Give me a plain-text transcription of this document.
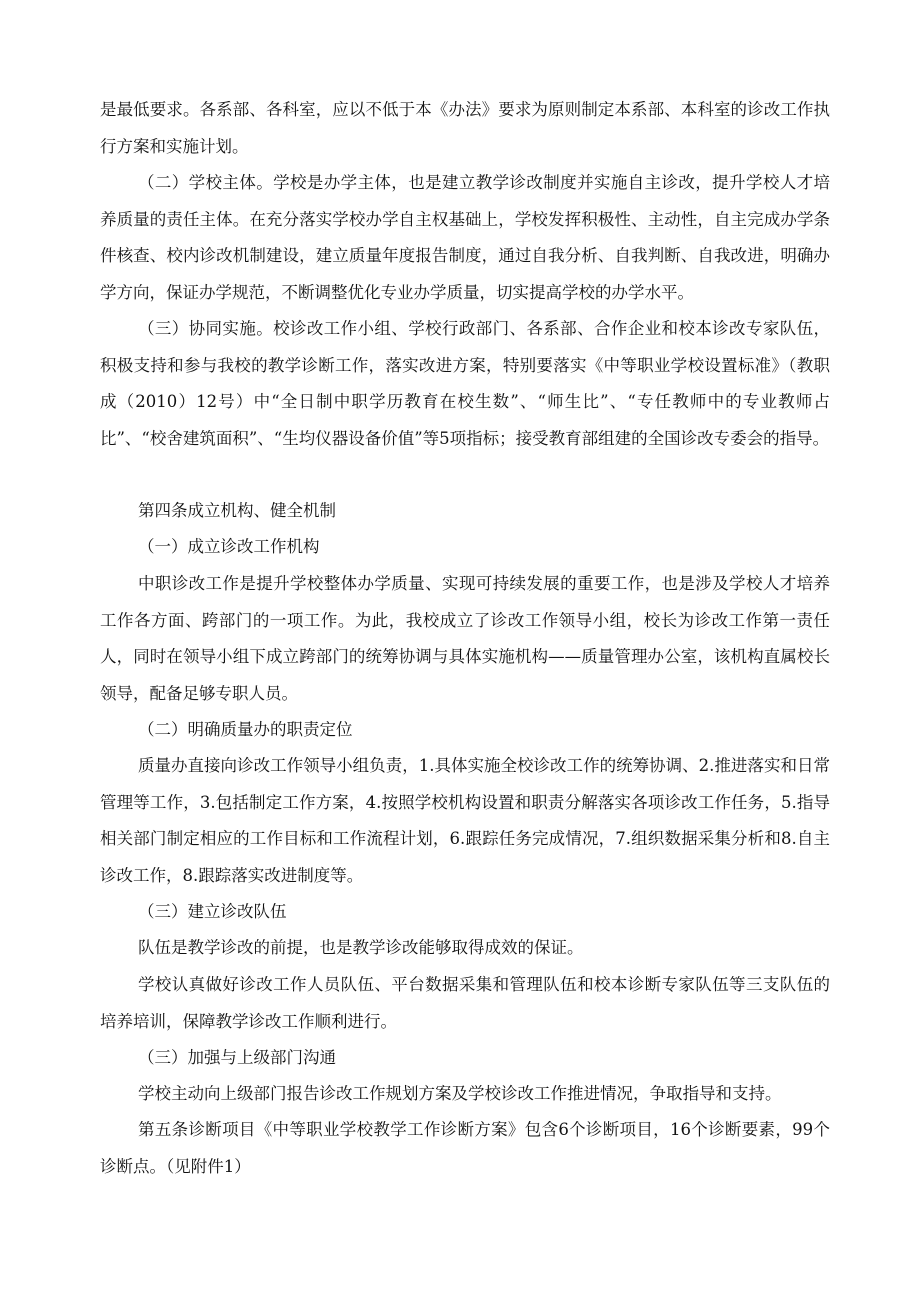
是最低要求。各系部、各科室，应以不低于本《办法》要求为原则制定本系部、本科室的诊改工作执行方案和实施计划。

（二）学校主体。学校是办学主体，也是建立教学诊改制度并实施自主诊改，提升学校人才培养质量的责任主体。在充分落实学校办学自主权基础上，学校发挥积极性、主动性，自主完成办学条件核查、校内诊改机制建设，建立质量年度报告制度，通过自我分析、自我判断、自我改进，明确办学方向，保证办学规范，不断调整优化专业办学质量，切实提高学校的办学水平。

（三）协同实施。校诊改工作小组、学校行政部门、各系部、合作企业和校本诊改专家队伍，积极支持和参与我校的教学诊断工作，落实改进方案，特别要落实《中等职业学校设置标准》（教职成（2010）12号）中“全日制中职学历教育在校生数”、“师生比”、“专任教师中的专业教师占比”、“校舍建筑面积”、“生均仪器设备价值”等5项指标；接受教育部组建的全国诊改专委会的指导。

第四条成立机构、健全机制

（一）成立诊改工作机构

中职诊改工作是提升学校整体办学质量、实现可持续发展的重要工作，也是涉及学校人才培养工作各方面、跨部门的一项工作。为此，我校成立了诊改工作领导小组，校长为诊改工作第一责任人，同时在领导小组下成立跨部门的统筹协调与具体实施机构——质量管理办公室，该机构直属校长领导，配备足够专职人员。

（二）明确质量办的职责定位

质量办直接向诊改工作领导小组负责，1.具体实施全校诊改工作的统筹协调、2.推进落实和日常管理等工作，3.包括制定工作方案，4.按照学校机构设置和职责分解落实各项诊改工作任务，5.指导相关部门制定相应的工作目标和工作流程计划，6.跟踪任务完成情况，7.组织数据采集分析和8.自主诊改工作，8.跟踪落实改进制度等。

（三）建立诊改队伍

队伍是教学诊改的前提，也是教学诊改能够取得成效的保证。

学校认真做好诊改工作人员队伍、平台数据采集和管理队伍和校本诊断专家队伍等三支队伍的培养培训，保障教学诊改工作顺利进行。

（三）加强与上级部门沟通

学校主动向上级部门报告诊改工作规划方案及学校诊改工作推进情况，争取指导和支持。

第五条诊断项目《中等职业学校教学工作诊断方案》包含6个诊断项目，16个诊断要素，99个诊断点。（见附件1）
